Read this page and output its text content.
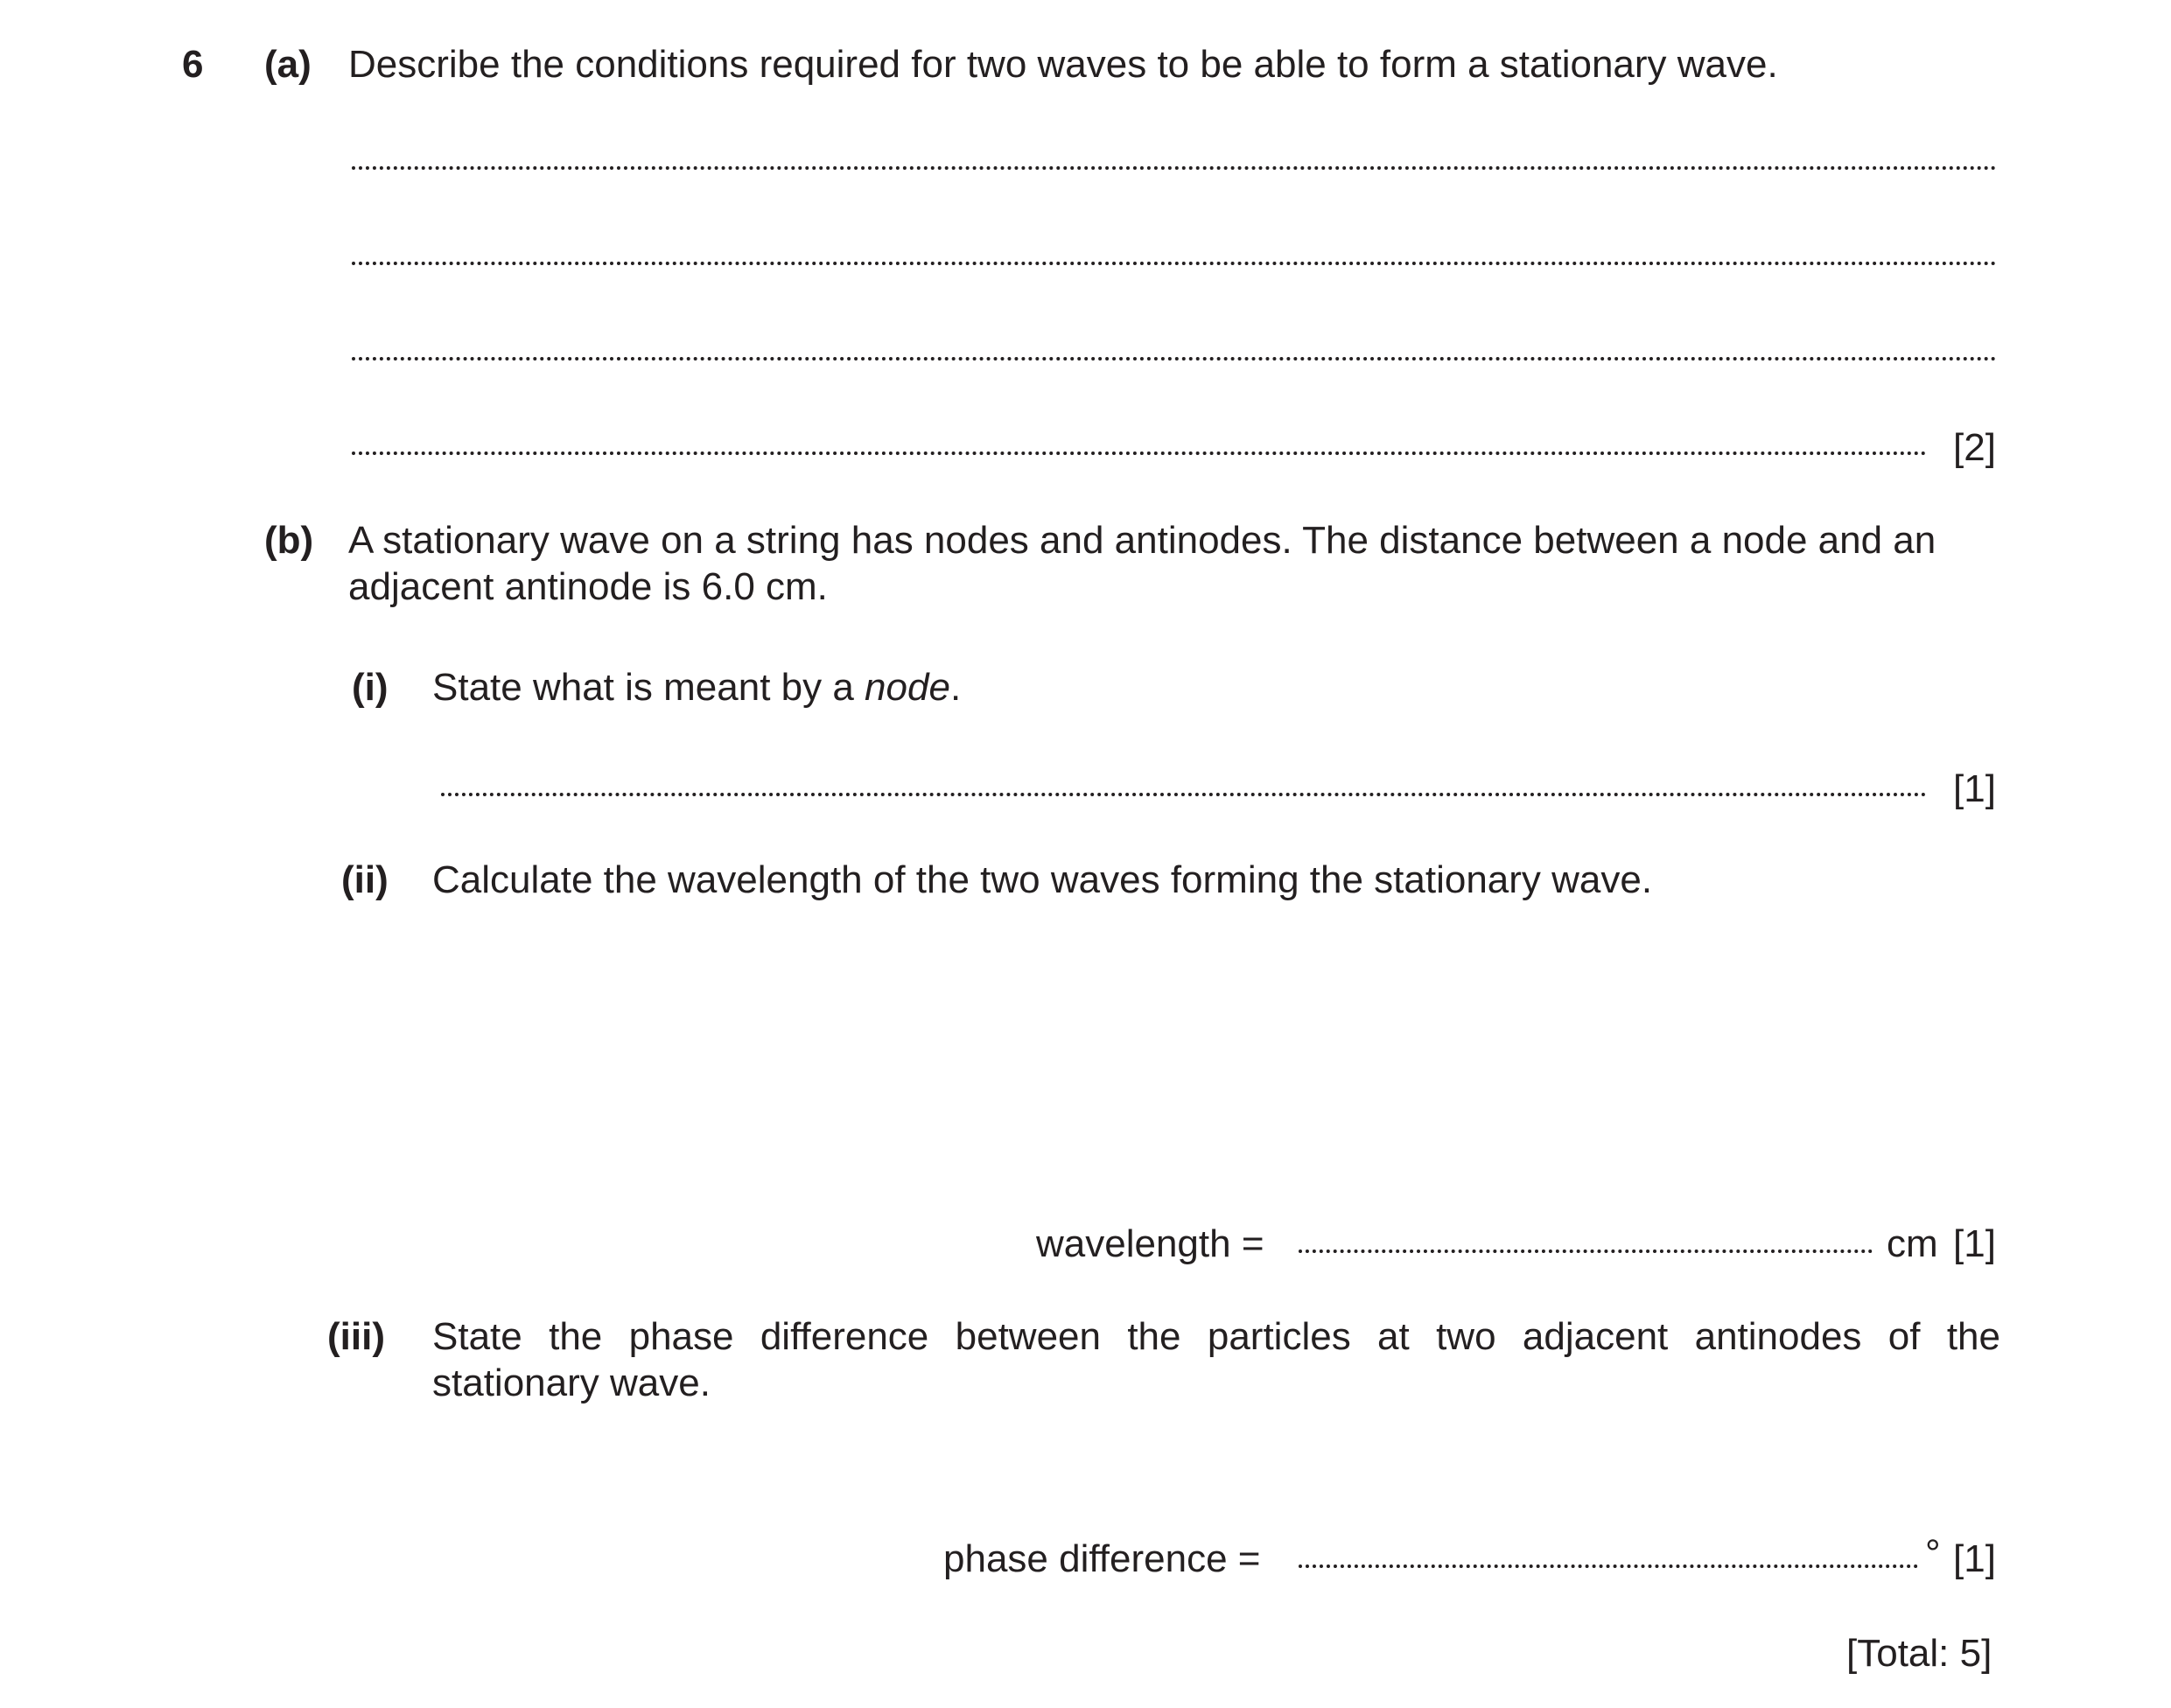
6 (a) Describe the conditions required for two waves to be able to form a stationary wave.
[2]
(b) A stationary wave on a string has nodes and antinodes. The distance between a node and an
adjacent antinode is 6.0 cm.
(i) State what is meant by a node.
[1]
(ii) Calculate the wavelength of the two waves forming the stationary wave.
wavelength =	cm [1]
(iii) State the phase difference between the particles at two adjacent antinodes of the
stationary wave.
phase difference =	° [1]
[Total: 5]
